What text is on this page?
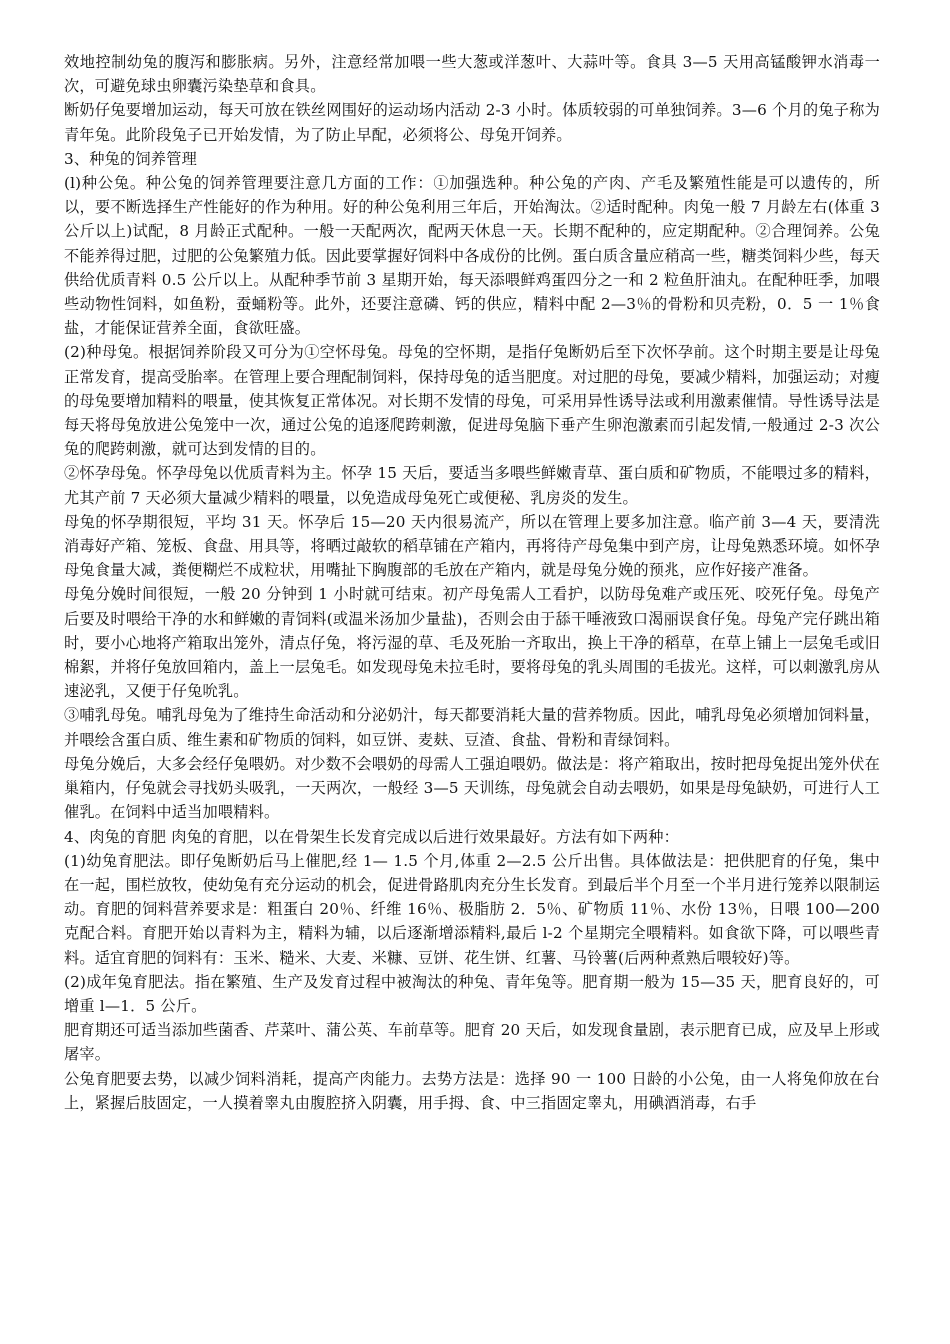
效地控制幼兔的腹泻和膨胀病。另外，注意经常加喂一些大葱或洋葱叶、大蒜叶等。食具 3—5 天用高锰酸钾水消毒一次，可避免球虫卵囊污染垫草和食具。

断奶仔兔要增加运动，每天可放在铁丝网围好的运动场内活动 2-3 小时。体质较弱的可单独饲养。3—6 个月的兔子称为青年兔。此阶段兔子已开始发情，为了防止早配，必须将公、母兔开饲养。

3、种兔的饲养管理

(l)种公兔。种公兔的饲养管理要注意几方面的工作：①加强选种。种公兔的产肉、产毛及繁殖性能是可以遗传的，所以，要不断选择生产性能好的作为种用。好的种公兔利用三年后，开始淘汰。②适时配种。肉兔一般 7 月龄左右(体重 3 公斤以上)试配，8 月龄正式配种。一般一天配两次，配两天休息一天。长期不配种的，应定期配种。②合理饲养。公兔不能养得过肥，过肥的公兔繁殖力低。因此要掌握好饲料中各成份的比例。蛋白质含量应稍高一些，糖类饲料少些，每天供给优质青料 0.5 公斤以上。从配种季节前 3 星期开始，每天添喂鲜鸡蛋四分之一和 2 粒鱼肝油丸。在配种旺季，加喂些动物性饲料，如鱼粉，蚕蛹粉等。此外，还要注意磷、钙的供应，精料中配 2—3％的骨粉和贝壳粉，0．5 一 1％食盐，才能保证营养全面，食欲旺盛。

(2)种母兔。根据饲养阶段又可分为①空怀母兔。母兔的空怀期，是指仔兔断奶后至下次怀孕前。这个时期主要是让母兔正常发育，提高受胎率。在管理上要合理配制饲料，保持母兔的适当肥度。对过肥的母兔，要减少精料，加强运动；对瘦的母兔要增加精料的喂量，使其恢复正常体况。对长期不发情的母兔，可采用异性诱导法或利用激素催情。导性诱导法是每天将母兔放进公兔笼中一次，通过公兔的追逐爬跨刺激，促进母兔脑下垂产生卵泡激素而引起发情,一般通过 2-3 次公兔的爬跨刺激，就可达到发情的目的。

②怀孕母兔。怀孕母兔以优质青料为主。怀孕 15 天后，要适当多喂些鲜嫩青草、蛋白质和矿物质，不能喂过多的精料，尤其产前 7 天必须大量减少精料的喂量，以免造成母兔死亡或便秘、乳房炎的发生。

母兔的怀孕期很短，平均 31 天。怀孕后 15—20 天内很易流产，所以在管理上要多加注意。临产前 3—4 天，要清洗消毒好产箱、笼板、食盘、用具等，将晒过敲软的稻草铺在产箱内，再将待产母兔集中到产房，让母兔熟悉环境。如怀孕母兔食量大减，粪便糊烂不成粒状，用嘴扯下胸腹部的毛放在产箱内，就是母兔分娩的预兆，应作好接产准备。

母兔分娩时间很短，一般 20 分钟到 1 小时就可结束。初产母兔需人工看护，以防母兔难产或压死、咬死仔兔。母兔产后要及时喂给干净的水和鲜嫩的青饲料(或温米汤加少量盐)，否则会由于舔干唾液致口渴丽误食仔兔。母兔产完仔跳出箱时，要小心地将产箱取出笼外，清点仔兔，将污湿的草、毛及死胎一齐取出，换上干净的稻草，在草上铺上一层兔毛或旧棉絮，并将仔兔放回箱内，盖上一层兔毛。如发现母兔未拉毛时，要将母兔的乳头周围的毛拔光。这样，可以刺激乳房从速泌乳，又便于仔兔吮乳。

③哺乳母兔。哺乳母兔为了维持生命活动和分泌奶汁，每天都要消耗大量的营养物质。因此，哺乳母兔必须增加饲料量，并喂绘含蛋白质、维生素和矿物质的饲料，如豆饼、麦麸、豆渣、食盐、骨粉和青绿饲料。

母兔分娩后，大多会经仔兔喂奶。对少数不会喂奶的母需人工强迫喂奶。做法是：将产箱取出，按时把母兔捉出笼外伏在巢箱内，仔兔就会寻找奶头吸乳，一天两次，一般经 3—5 天训练，母兔就会自动去喂奶，如果是母兔缺奶，可进行人工催乳。在饲料中适当加喂精料。

4、肉兔的育肥 肉兔的育肥，以在骨架生长发育完成以后进行效果最好。方法有如下两种：

(1)幼兔育肥法。即仔兔断奶后马上催肥,经 1— 1.5 个月,体重 2—2.5 公斤出售。具体做法是：把供肥育的仔兔，集中在一起，围栏放牧，使幼兔有充分运动的机会，促进骨路肌肉充分生长发育。到最后半个月至一个半月进行笼养以限制运动。育肥的饲料营养要求是：粗蛋白 20％、纤维 16％、极脂肪 2．5％、矿物质 11％、水份 13％，日喂 100—200 克配合料。育肥开始以青料为主，精料为辅，以后逐渐增添精料,最后 l-2 个星期完全喂精料。如食欲下降，可以喂些青料。适宜育肥的饲料有：玉米、糙米、大麦、米糠、豆饼、花生饼、红薯、马铃薯(后两种煮熟后喂较好)等。

(2)成年兔育肥法。指在繁殖、生产及发育过程中被淘汰的种兔、青年兔等。肥育期一般为 15—35 天，肥育良好的，可增重 l—1．5 公斤。

肥育期还可适当添加些菌香、芹菜叶、蒲公英、车前草等。肥育 20 天后，如发现食量剧，表示肥育已成，应及早上形或屠宰。

公兔育肥要去势，以减少饲料消耗，提高产肉能力。去势方法是：选择 90 一 100 日龄的小公兔，由一人将兔仰放在台上，紧握后肢固定，一人摸着睾丸由腹腔挤入阴囊，用手拇、食、中三指固定睾丸，用碘酒消毒，右手
